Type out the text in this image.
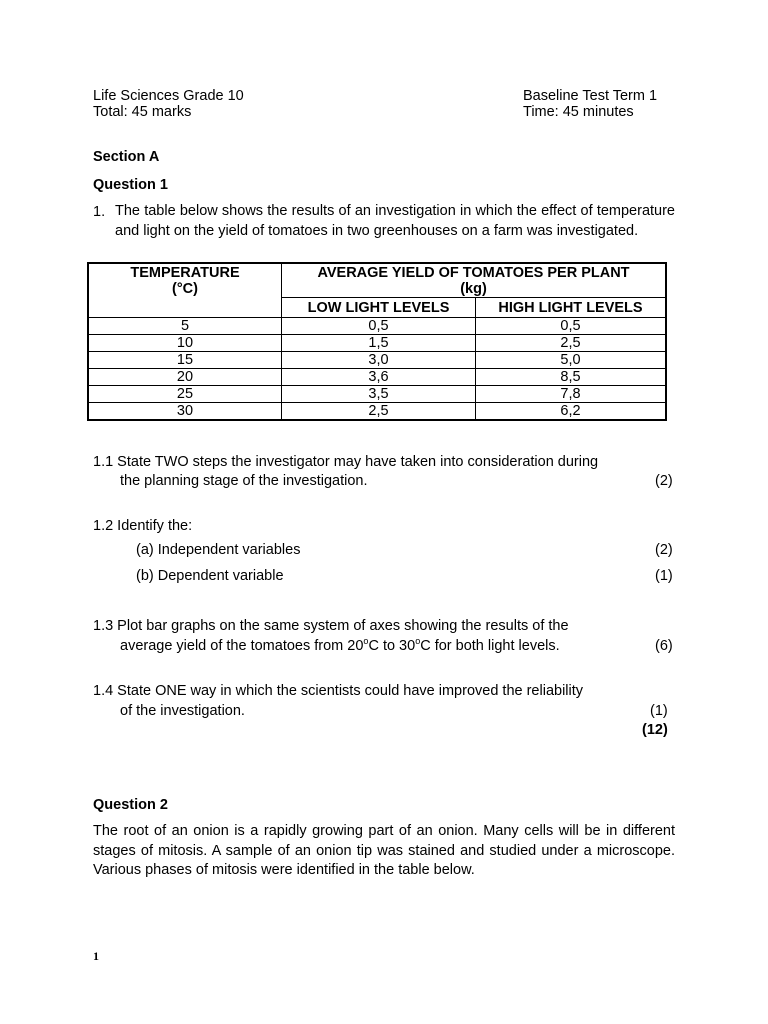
Life Sciences Grade 10
Total: 45 marks
Baseline Test Term 1
Time: 45 minutes
Section A
Question 1
1. The table below shows the results of an investigation in which the effect of temperature and light on the yield of tomatoes in two greenhouses on a farm was investigated.
TEMPERATURE
(°C)	AVERAGE YIELD OF TOMATOES PER PLANT
(kg)	
	LOW LIGHT LEVELS	HIGH LIGHT LEVELS
5	0,5	0,5
10	1,5	2,5
15	3,0	5,0
20	3,6	8,5
25	3,5	7,8
30	2,5	6,2
1.1 State TWO steps the investigator may have taken into consideration during
the planning stage of the investigation.	(2)
1.2 Identify the:
(a) Independent variables	(2)
(b) Dependent variable	(1)
1.3 Plot bar graphs on the same system of axes showing the results of the
average yield of the tomatoes from 20$^o$C to 30$^o$C for both light levels.	(6)
1.4 State ONE way in which the scientists could have improved the reliability
of the investigation.	(1)
(12)
Question 2
The root of an onion is a rapidly growing part of an onion. Many cells will be in different stages of mitosis. A sample of an onion tip was stained and studied under a microscope. Various phases of mitosis were identified in the table below.
1
